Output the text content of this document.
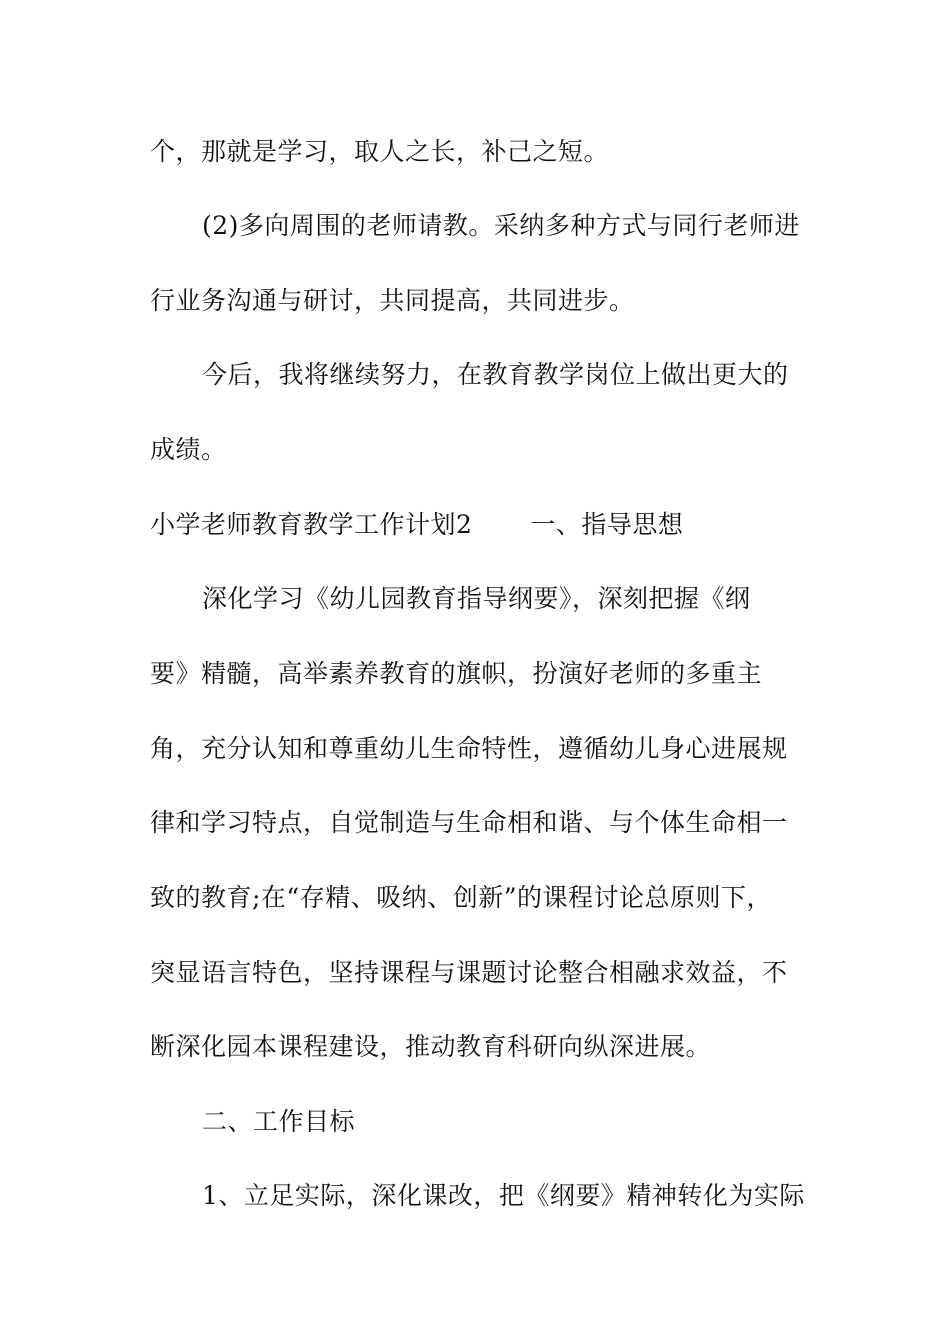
个，那就是学习，取人之长，补己之短。
(2)多向周围的老师请教。采纳多种方式与同行老师进
行业务沟通与研讨，共同提高，共同进步。
今后，我将继续努力，在教育教学岗位上做出更大的
成绩。
小学老师教育教学工作计划2 一、指导思想
深化学习《幼儿园教育指导纲要》，深刻把握《纲
要》精髓，高举素养教育的旗帜，扮演好老师的多重主
角，充分认知和尊重幼儿生命特性，遵循幼儿身心进展规
律和学习特点，自觉制造与生命相和谐、与个体生命相一
致的教育;在“存精、吸纳、创新”的课程讨论总原则下，
突显语言特色，坚持课程与课题讨论整合相融求效益，不
断深化园本课程建设，推动教育科研向纵深进展。
二、工作目标
1、立足实际，深化课改，把《纲要》精神转化为实际
